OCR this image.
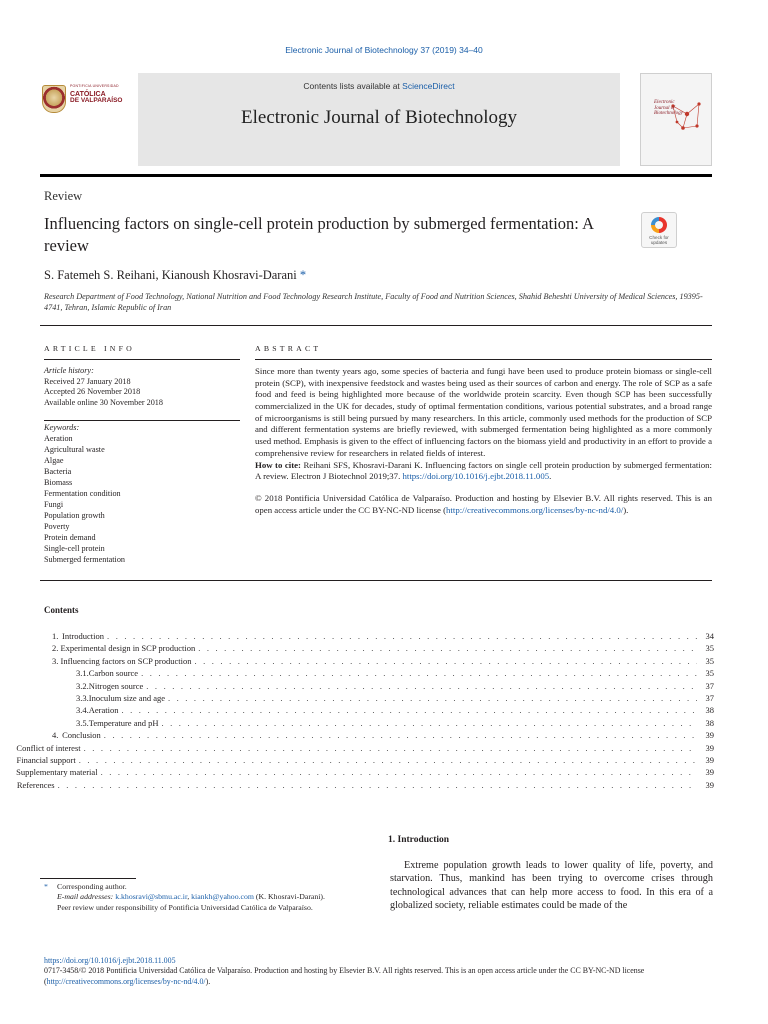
Electronic Journal of Biotechnology 37 (2019) 34–40
PONTIFICIA UNIVERSIDAD
CATÓLICA
DE VALPARAÍSO
Contents lists available at ScienceDirect
Electronic Journal of Biotechnology
Electronic Journal of Biotechnology
Review
Influencing factors on single-cell protein production by submerged fermentation: A review	Check for updates
S. Fatemeh S. Reihani, Kianoush Khosravi-Darani *
Research Department of Food Technology, National Nutrition and Food Technology Research Institute, Faculty of Food and Nutrition Sciences, Shahid Beheshti University of Medical Sciences, 19395-4741, Tehran, Islamic Republic of Iran
ARTICLE INFO	ABSTRACT
Article history:
Received 27 January 2018
Accepted 26 November 2018
Available online 30 November 2018
Keywords:
Aeration
Agricultural waste
Algae
Bacteria
Biomass
Fermentation condition
Fungi
Population growth
Poverty
Protein demand
Single-cell protein
Submerged fermentation

Since more than twenty years ago, some species of bacteria and fungi have been used to produce protein biomass or single-cell protein (SCP), with inexpensive feedstock and wastes being used as their sources of carbon and energy. The role of SCP as a safe food and feed is being highlighted more because of the worldwide protein scarcity. Even though SCP has been successfully commercialized in the UK for decades, study of optimal fermentation conditions, various potential substrates, and a broad range of microorganisms is still being pursued by many researchers. In this article, commonly used methods for the production of SCP and different fermentation systems are briefly reviewed, with submerged fermentation being highlighted as a more commonly used method. Emphasis is given to the effect of influencing factors on the biomass yield and productivity in an effort to provide a comprehensive review for researchers in related fields of interest.

How to cite: Reihani SFS, Khosravi-Darani K. Influencing factors on single cell protein production by submerged fermentation: A review. Electron J Biotechnol 2019;37. https://doi.org/10.1016/j.ejbt.2018.11.005.

© 2018 Pontificia Universidad Católica de Valparaíso. Production and hosting by Elsevier B.V. All rights reserved. This is an open access article under the CC BY-NC-ND license (http://creativecommons.org/licenses/by-nc-nd/4.0/).

Contents
1. Introduction . . .	34
2. Experimental design in SCP production . . .	35
3. Influencing factors on SCP production . . .	35
3.1. Carbon source . . .	35
3.2. Nitrogen source . . .	37
3.3. Inoculum size and age . . .	37
3.4. Aeration . . .	38
3.5. Temperature and pH . . .	38
4. Conclusion . . .	39
Conflict of interest . . .	39
Financial support . . .	39
Supplementary material . . .	39
References . . .	39
1. Introduction
Extreme population growth leads to lower quality of life, poverty, and starvation. Thus, mankind has been trying to overcome crises through technological advances that can help more access to food. In this era of a globalized society, reliable estimates could be made of the
* Corresponding author.
E-mail addresses: k.khosravi@sbmu.ac.ir, kiankh@yahoo.com (K. Khosravi-Darani).
Peer review under responsibility of Pontificia Universidad Católica de Valparaíso.
https://doi.org/10.1016/j.ejbt.2018.11.005
0717-3458/© 2018 Pontificia Universidad Católica de Valparaíso. Production and hosting by Elsevier B.V. All rights reserved. This is an open access article under the CC BY-NC-ND license
(http://creativecommons.org/licenses/by-nc-nd/4.0/).
